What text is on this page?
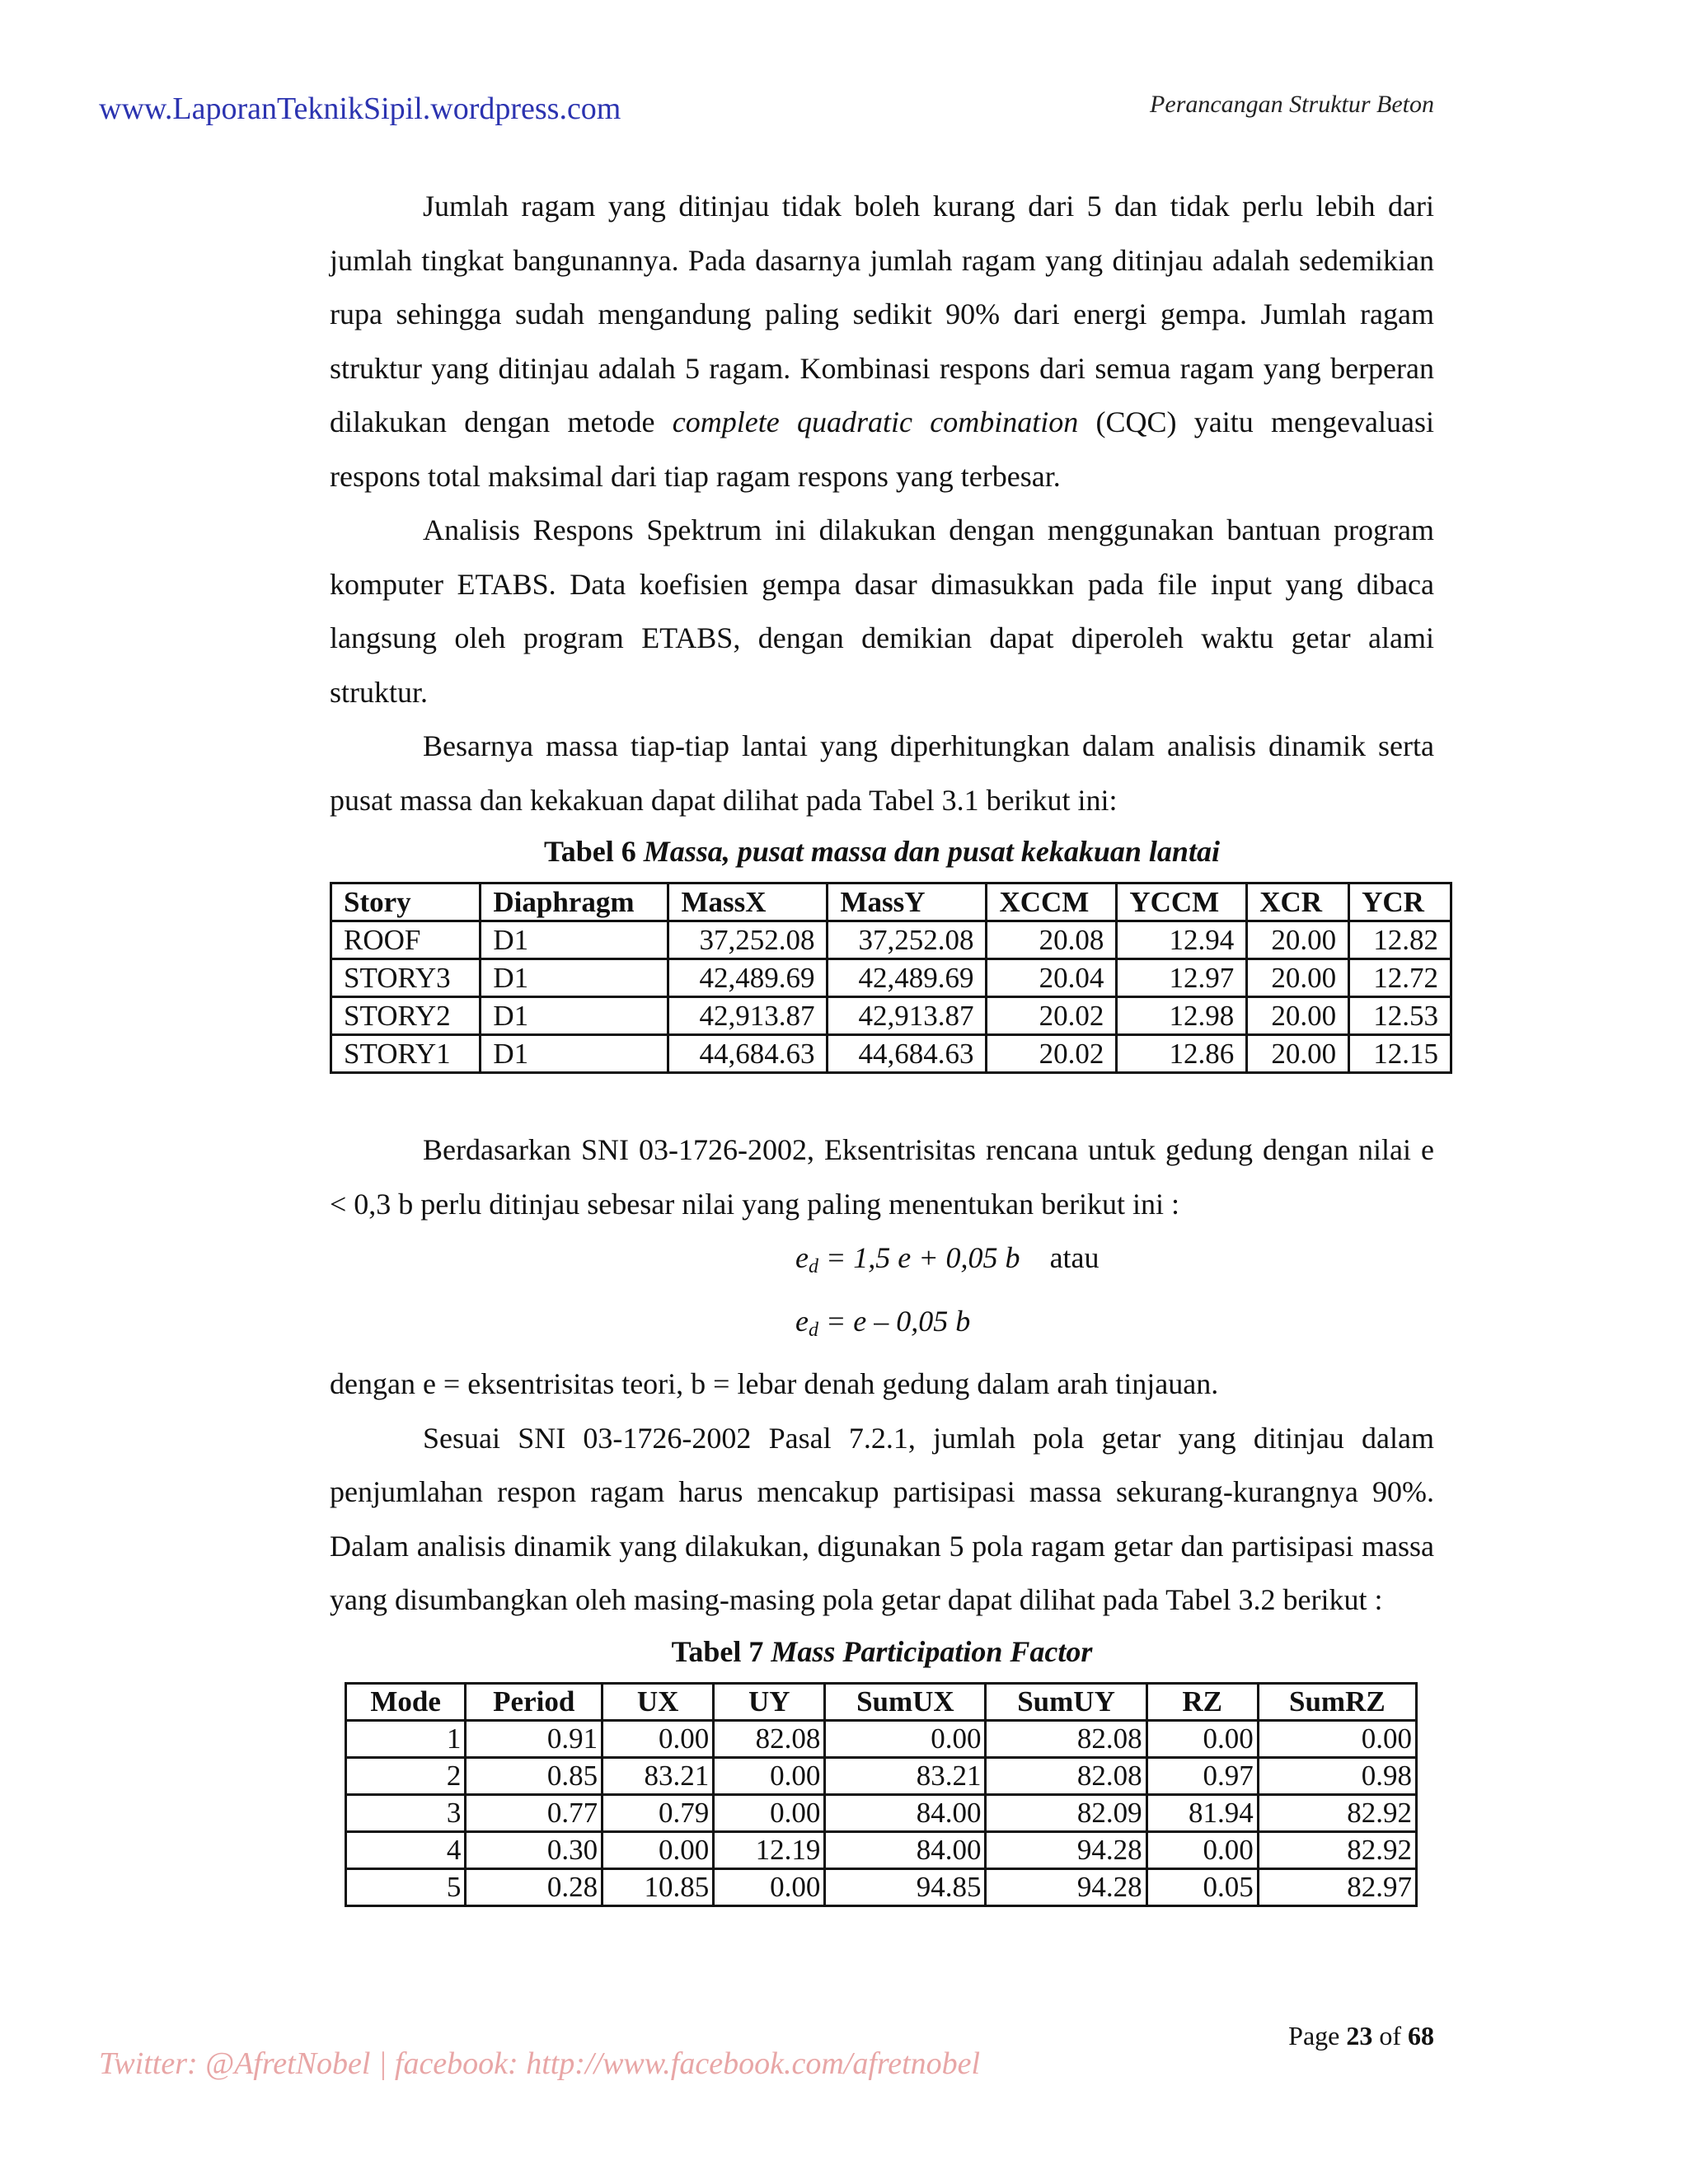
www.LaporanTeknikSipil.wordpress.com	Perancangan Struktur Beton

Jumlah ragam yang ditinjau tidak boleh kurang dari 5 dan tidak perlu lebih dari jumlah tingkat bangunannya. Pada dasarnya jumlah ragam yang ditinjau adalah sedemikian rupa sehingga sudah mengandung paling sedikit 90% dari energi gempa. Jumlah ragam struktur yang ditinjau adalah 5 ragam. Kombinasi respons dari semua ragam yang berperan dilakukan dengan metode complete quadratic combination (CQC) yaitu mengevaluasi respons total maksimal dari tiap ragam respons yang terbesar.

Analisis Respons Spektrum ini dilakukan dengan menggunakan bantuan program komputer ETABS. Data koefisien gempa dasar dimasukkan pada file input yang dibaca langsung oleh program ETABS, dengan demikian dapat diperoleh waktu getar alami struktur.

Besarnya massa tiap-tiap lantai yang diperhitungkan dalam analisis dinamik serta pusat massa dan kekakuan dapat dilihat pada Tabel 3.1 berikut ini:

Tabel 6 Massa, pusat massa dan pusat kekakuan lantai
Story	Diaphragm	MassX	MassY	XCCM	YCCM	XCR	YCR
ROOF	D1	37,252.08	37,252.08	20.08	12.94	20.00	12.82
STORY3	D1	42,489.69	42,489.69	20.04	12.97	20.00	12.72
STORY2	D1	42,913.87	42,913.87	20.02	12.98	20.00	12.53
STORY1	D1	44,684.63	44,684.63	20.02	12.86	20.00	12.15

Berdasarkan SNI 03-1726-2002, Eksentrisitas rencana untuk gedung dengan nilai e < 0,3 b perlu ditinjau sebesar nilai yang paling menentukan berikut ini :

$e_d = 1,5$ e + 0,05 b atau

$e_d = e - 0,05$ b

dengan e = eksentrisitas teori, b = lebar denah gedung dalam arah tinjauan.

Sesuai SNI 03-1726-2002 Pasal 7.2.1, jumlah pola getar yang ditinjau dalam penjumlahan respon ragam harus mencakup partisipasi massa sekurang-kurangnya 90%. Dalam analisis dinamik yang dilakukan, digunakan 5 pola ragam getar dan partisipasi massa yang disumbangkan oleh masing-masing pola getar dapat dilihat pada Tabel 3.2 berikut :

Tabel 7 Mass Participation Factor
Mode	Period	UX	UY	SumUX	SumUY	RZ	SumRZ
1	0.91	0.00	82.08	0.00	82.08	0.00	0.00
2	0.85	83.21	0.00	83.21	82.08	0.97	0.98
3	0.77	0.79	0.00	84.00	82.09	81.94	82.92
4	0.30	0.00	12.19	84.00	94.28	0.00	82.92
5	0.28	10.85	0.00	94.85	94.28	0.05	82.97
Page 23 of 68
Twitter: @AfretNobel | facebook: http://www.facebook.com/afretnobel
